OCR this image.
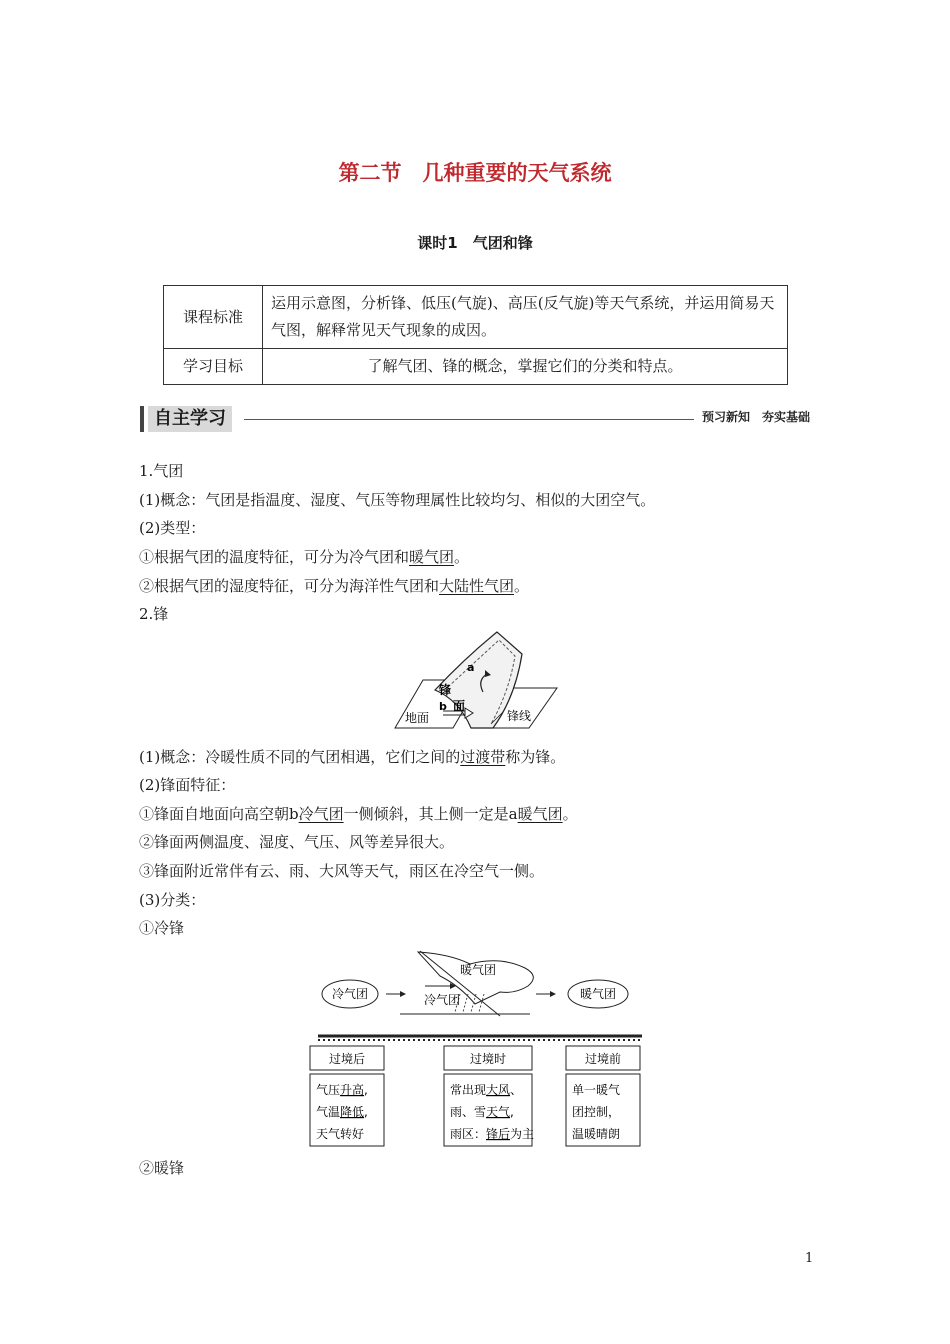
第二节　几种重要的天气系统
课时1　气团和锋
课程标准	运用示意图，分析锋、低压(气旋)、高压(反气旋)等天气系统，并运用简易天气图，解释常见天气现象的成因。
学习目标	了解气团、锋的概念，掌握它们的分类和特点。
自主学习	预习新知　夯实基础
1.气团
(1)概念：气团是指温度、湿度、气压等物理属性比较均匀、相似的大团空气。
(2)类型：
①根据气团的温度特征，可分为冷气团和暖气团。
②根据气团的湿度特征，可分为海洋性气团和大陆性气团。
2.锋
地面
锋
面
锋线
a
b
(1)概念：冷暖性质不同的气团相遇，它们之间的过渡带称为锋。
(2)锋面特征：
①锋面自地面向高空朝b冷气团一侧倾斜，其上侧一定是a暖气团。
②锋面两侧温度、湿度、气压、风等差异很大。
③锋面附近常伴有云、雨、大风等天气，雨区在冷空气一侧。
(3)分类：
①冷锋
冷气团
暖气团
冷气团	暖气团
过境后
气压升高,
气温降低,
天气转好
过境时
常出现大风、
雨、雪天气,
雨区：锋后为主
过境前
单一暖气
团控制，
温暖晴朗
②暖锋
1
